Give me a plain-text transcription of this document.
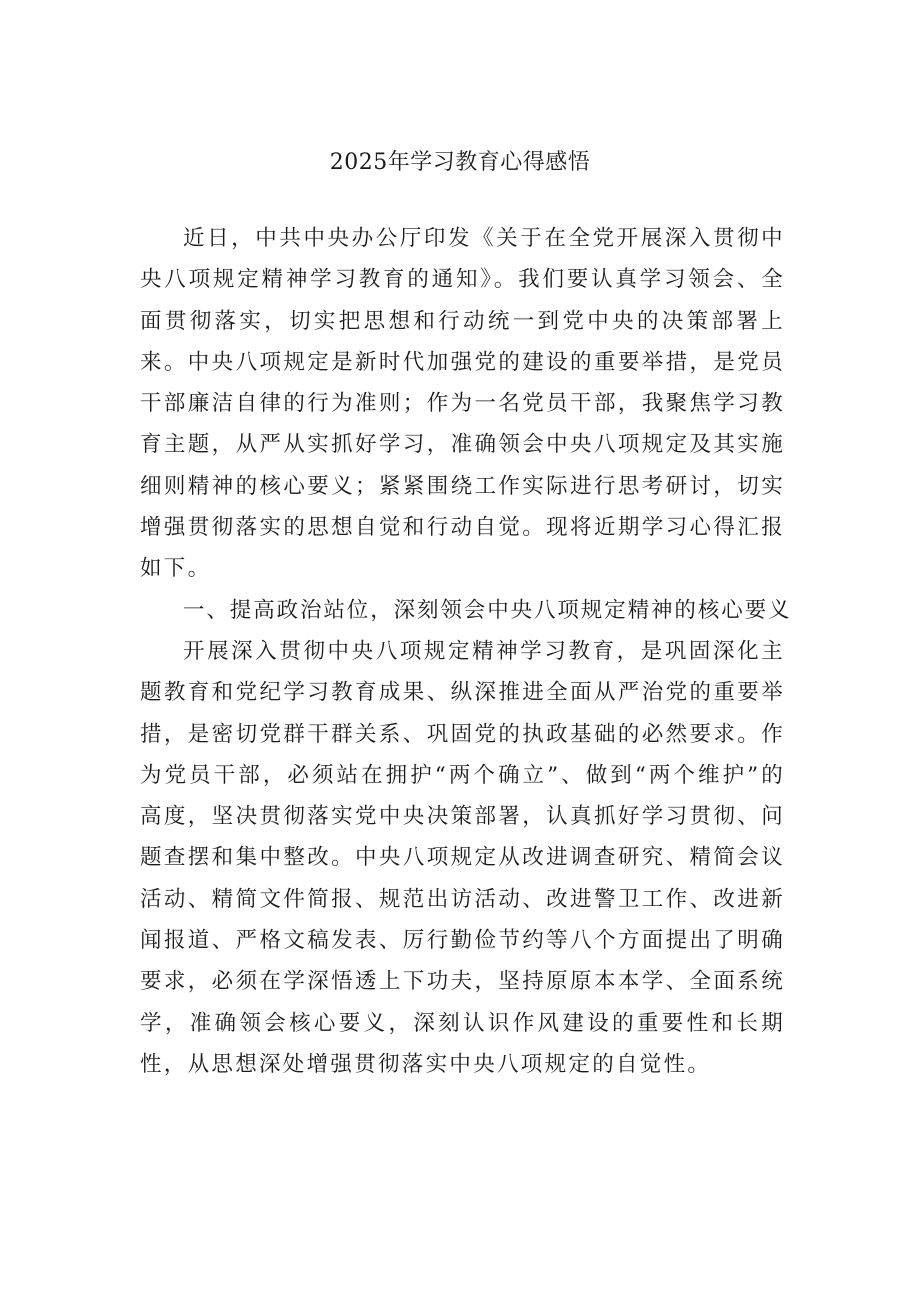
2025年学习教育心得感悟

近日，中共中央办公厅印发《关于在全党开展深入贯彻中央八项规定精神学习教育的通知》。我们要认真学习领会、全面贯彻落实，切实把思想和行动统一到党中央的决策部署上来。中央八项规定是新时代加强党的建设的重要举措，是党员干部廉洁自律的行为准则；作为一名党员干部，我聚焦学习教育主题，从严从实抓好学习，准确领会中央八项规定及其实施细则精神的核心要义；紧紧围绕工作实际进行思考研讨，切实增强贯彻落实的思想自觉和行动自觉。现将近期学习心得汇报如下。

一、提高政治站位，深刻领会中央八项规定精神的核心要义

开展深入贯彻中央八项规定精神学习教育，是巩固深化主题教育和党纪学习教育成果、纵深推进全面从严治党的重要举措，是密切党群干群关系、巩固党的执政基础的必然要求。作为党员干部，必须站在拥护“两个确立”、做到“两个维护”的高度，坚决贯彻落实党中央决策部署，认真抓好学习贯彻、问题查摆和集中整改。中央八项规定从改进调查研究、精简会议活动、精简文件简报、规范出访活动、改进警卫工作、改进新闻报道、严格文稿发表、厉行勤俭节约等八个方面提出了明确要求，必须在学深悟透上下功夫，坚持原原本本学、全面系统学，准确领会核心要义，深刻认识作风建设的重要性和长期性，从思想深处增强贯彻落实中央八项规定的自觉性。
